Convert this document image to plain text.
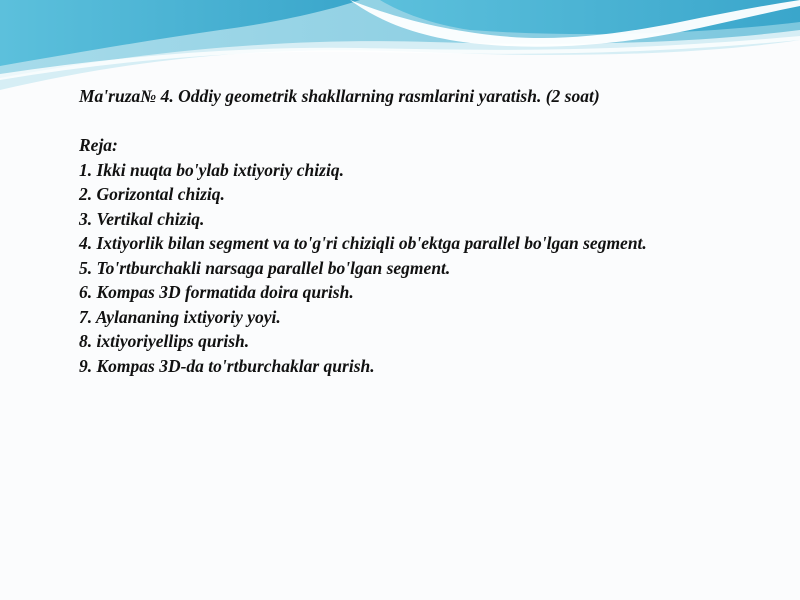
Ma'ruza№ 4. Oddiy geometrik shakllarning rasmlarini yaratish. (2 soat)

Reja:

1. Ikki nuqta bo'ylab ixtiyoriy chiziq.
2. Gorizontal chiziq.
3. Vertikal chiziq.
4. Ixtiyorlik bilan segment va to'g'ri chiziqli ob'ektga parallel bo'lgan segment.
5. To'rtburchakli narsaga parallel bo'lgan segment.
6. Kompas 3D formatida doira qurish.
7. Aylananing ixtiyoriy yoyi.
8. ixtiyoriyellips qurish.
9. Kompas 3D-da to'rtburchaklar qurish.
